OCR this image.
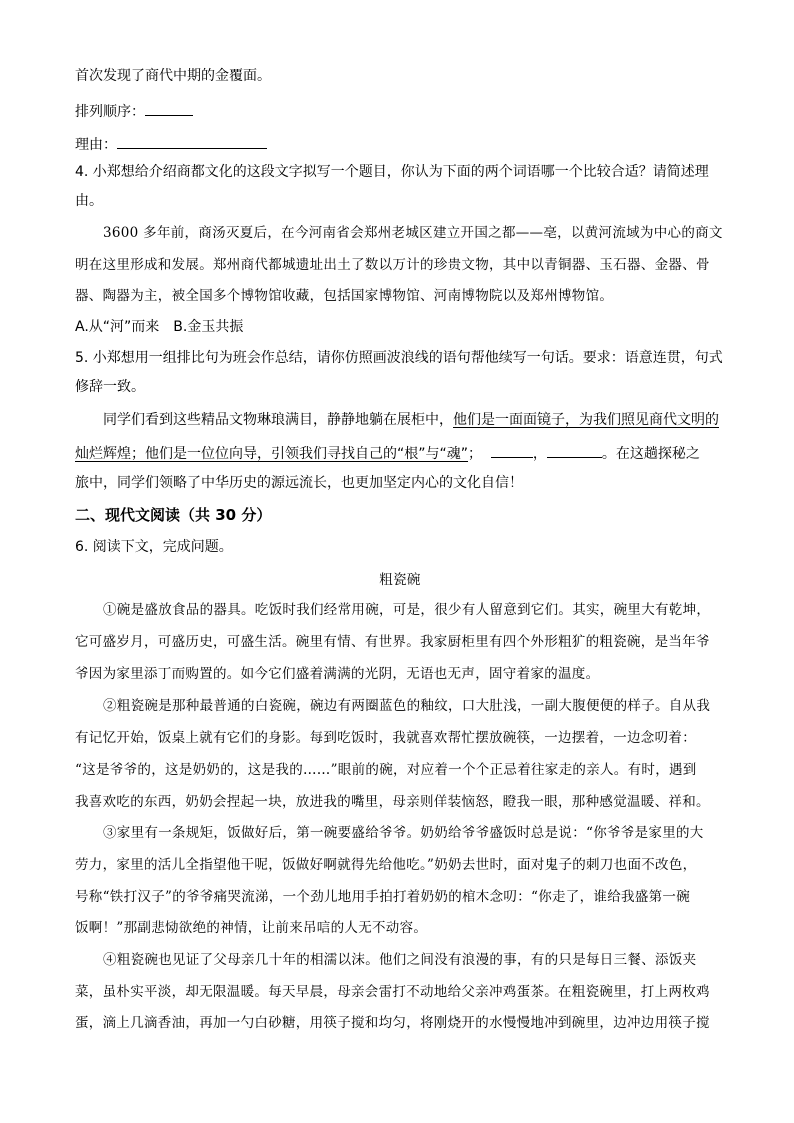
首次发现了商代中期的金覆面。
排列顺序：
理由：
4. 小郑想给介绍商都文化的这段文字拟写一个题目，你认为下面的两个词语哪一个比较合适？请简述理
由。
3600 多年前，商汤灭夏后，在今河南省会郑州老城区建立开国之都——亳，以黄河流域为中心的商文
明在这里形成和发展。郑州商代都城遗址出土了数以万计的珍贵文物，其中以青铜器、玉石器、金器、骨
器、陶器为主，被全国多个博物馆收藏，包括国家博物馆、河南博物院以及郑州博物馆。
A.从“河”而来　B.金玉共振
5. 小郑想用一组排比句为班会作总结，请你仿照画波浪线的语句帮他续写一句话。要求：语意连贯，句式
修辞一致。
同学们看到这些精品文物琳琅满目，静静地躺在展柜中，他们是一面面镜子，为我们照见商代文明的
灿烂辉煌；他们是一位位向导，引领我们寻找自己的“根”与“魂”；	，	。在这趟探秘之
旅中，同学们领略了中华历史的源远流长，也更加坚定内心的文化自信！
二、现代文阅读（共 30 分）
6. 阅读下文，完成问题。
粗瓷碗
①碗是盛放食品的器具。吃饭时我们经常用碗，可是，很少有人留意到它们。其实，碗里大有乾坤，
它可盛岁月，可盛历史，可盛生活。碗里有情、有世界。我家厨柜里有四个外形粗犷的粗瓷碗，是当年爷
爷因为家里添丁而购置的。如今它们盛着满满的光阴，无语也无声，固守着家的温度。
②粗瓷碗是那种最普通的白瓷碗，碗边有两圈蓝色的釉纹，口大肚浅，一副大腹便便的样子。自从我
有记忆开始，饭桌上就有它们的身影。每到吃饭时，我就喜欢帮忙摆放碗筷，一边摆着，一边念叨着：
“这是爷爷的，这是奶奶的，这是我的……”眼前的碗，对应着一个个正忌着往家走的亲人。有时，遇到
我喜欢吃的东西，奶奶会捏起一块，放进我的嘴里，母亲则佯装恼怒，瞪我一眼，那种感觉温暖、祥和。
③家里有一条规矩，饭做好后，第一碗要盛给爷爷。奶奶给爷爷盛饭时总是说：“你爷爷是家里的大
劳力，家里的活儿全指望他干呢，饭做好啊就得先给他吃。”奶奶去世时，面对鬼子的刺刀也面不改色，
号称“铁打汉子”的爷爷痛哭流涕，一个劲儿地用手拍打着奶奶的棺木念叨：“你走了，谁给我盛第一碗
饭啊！”那副悲恸欲绝的神情，让前来吊唁的人无不动容。
④粗瓷碗也见证了父母亲几十年的相濡以沫。他们之间没有浪漫的事，有的只是每日三餐、添饭夹
菜，虽朴实平淡，却无限温暖。每天早晨，母亲会雷打不动地给父亲冲鸡蛋茶。在粗瓷碗里，打上两枚鸡
蛋，滴上几滴香油，再加一勺白砂糖，用筷子搅和均匀，将刚烧开的水慢慢地冲到碗里，边冲边用筷子搅
